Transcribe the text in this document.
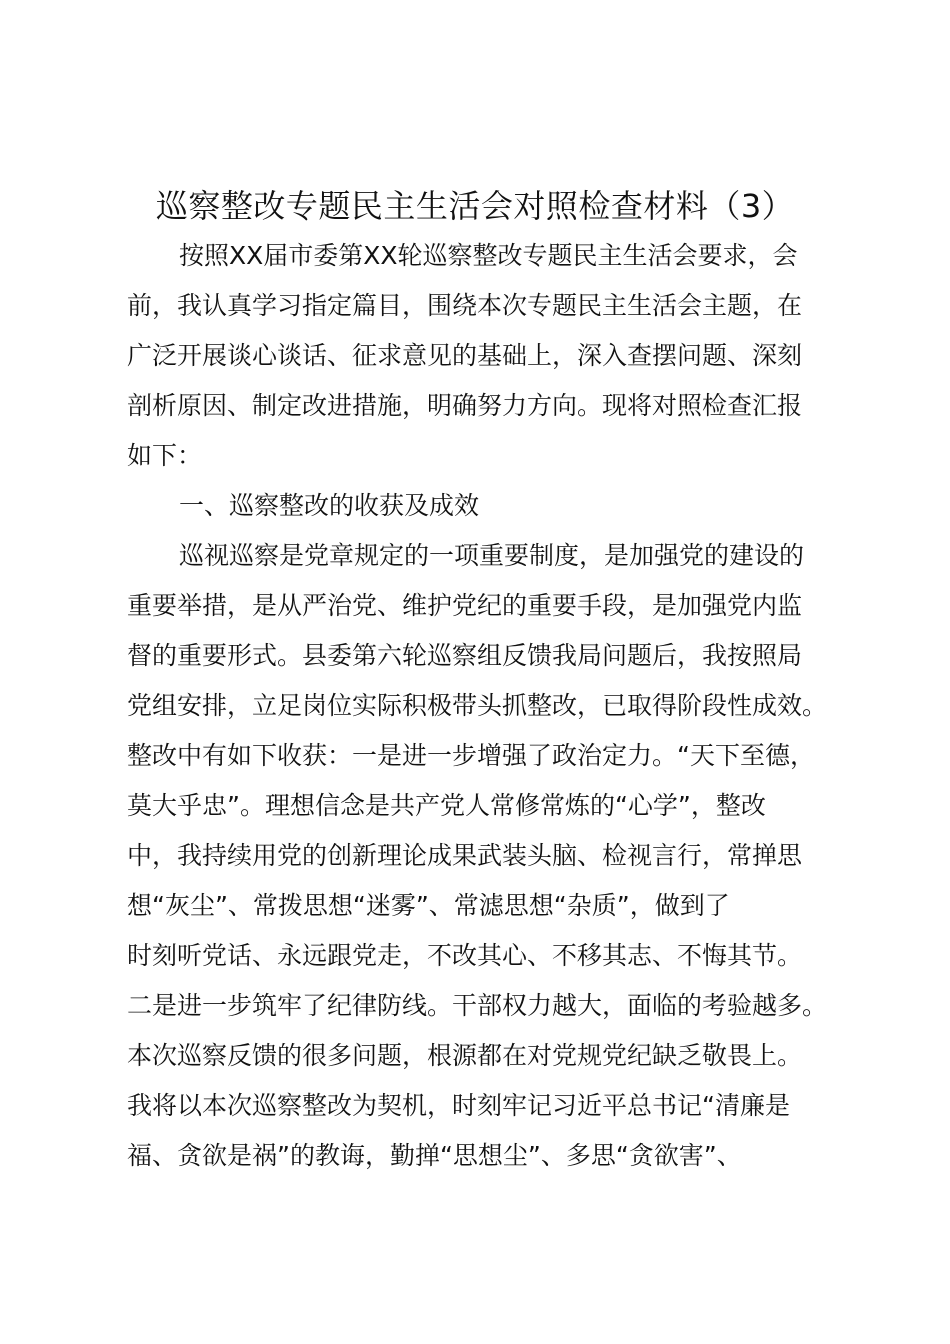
巡察整改专题民主生活会对照检查材料（3）
按照XX届市委第XX轮巡察整改专题民主生活会要求，会
前，我认真学习指定篇目，围绕本次专题民主生活会主题，在
广泛开展谈心谈话、征求意见的基础上，深入查摆问题、深刻
剖析原因、制定改进措施，明确努力方向。现将对照检查汇报
如下：
一、巡察整改的收获及成效
巡视巡察是党章规定的一项重要制度，是加强党的建设的
重要举措，是从严治党、维护党纪的重要手段，是加强党内监
督的重要形式。县委第六轮巡察组反馈我局问题后，我按照局
党组安排，立足岗位实际积极带头抓整改，已取得阶段性成效。
整改中有如下收获：一是进一步增强了政治定力。“天下至德，
莫大乎忠”。理想信念是共产党人常修常炼的“心学”，整改
中，我持续用党的创新理论成果武装头脑、检视言行，常掸思
想“灰尘”、常拨思想“迷雾”、常滤思想“杂质”，做到了
时刻听党话、永远跟党走，不改其心、不移其志、不悔其节。
二是进一步筑牢了纪律防线。干部权力越大，面临的考验越多。
本次巡察反馈的很多问题，根源都在对党规党纪缺乏敬畏上。
我将以本次巡察整改为契机，时刻牢记习近平总书记“清廉是
福、贪欲是祸”的教诲，勤掸“思想尘”、多思“贪欲害”、
